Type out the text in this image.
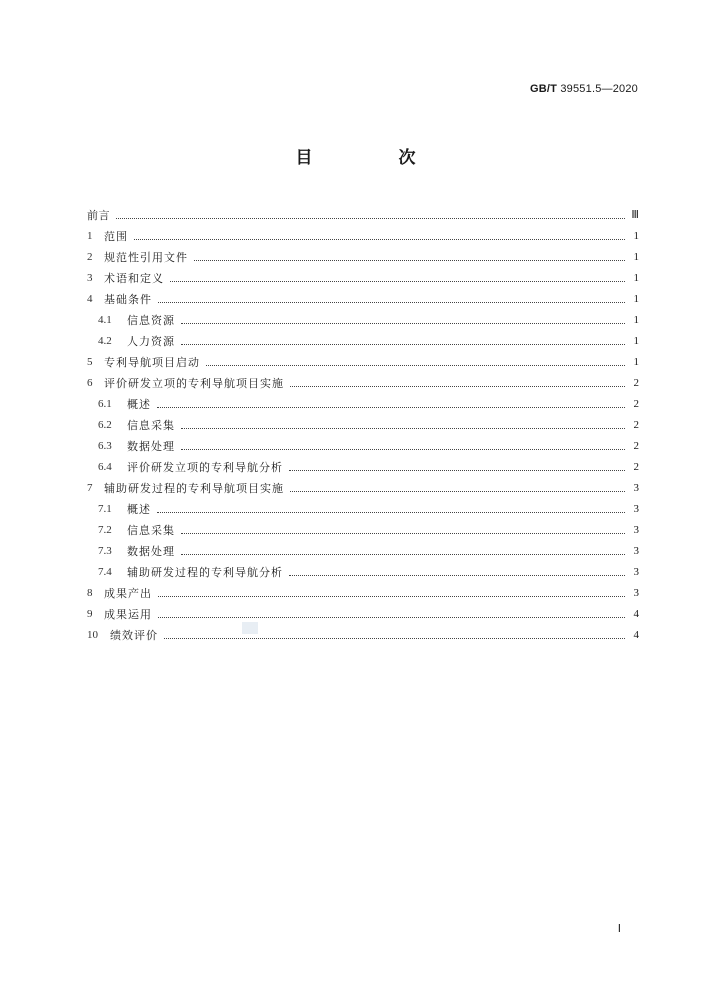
GB/T 39551.5—2020
目 次
前言	Ⅲ
1	范围	1
2	规范性引用文件	1
3	术语和定义	1
4	基础条件	1
4.1	信息资源	1
4.2	人力资源	1
5	专利导航项目启动	1
6	评价研发立项的专利导航项目实施	2
6.1	概述	2
6.2	信息采集	2
6.3	数据处理	2
6.4	评价研发立项的专利导航分析	2
7	辅助研发过程的专利导航项目实施	3
7.1	概述	3
7.2	信息采集	3
7.3	数据处理	3
7.4	辅助研发过程的专利导航分析	3
8	成果产出	3
9	成果运用	4
10	绩效评价	4
Ⅰ
